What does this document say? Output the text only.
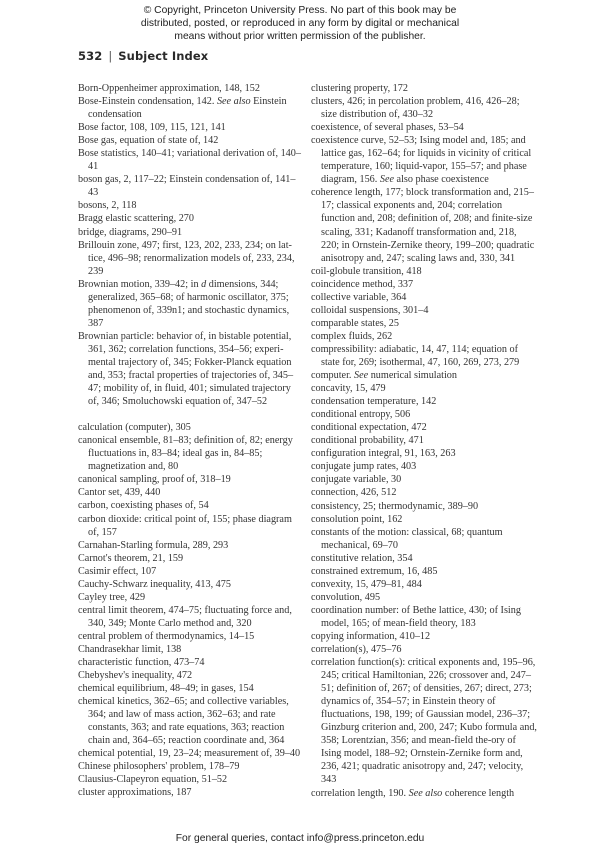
© Copyright, Princeton University Press. No part of this book may be
distributed, posted, or reproduced in any form by digital or mechanical
means without prior written permission of the publisher.
532 | Subject Index

Born-Oppenheimer approximation, 148, 152

Bose-Einstein condensation, 142. See also Einstein condensation

Bose factor, 108, 109, 115, 121, 141

Bose gas, equation of state of, 142

Bose statistics, 140–41; variational derivation of, 140–41

boson gas, 2, 117–22; Einstein condensation of, 141–43

bosons, 2, 118

Bragg elastic scattering, 270

bridge, diagrams, 290–91

Brillouin zone, 497; first, 123, 202, 233, 234; on lat-tice, 496–98; renormalization models of, 233, 234, 239

Brownian motion, 339–42; in d dimensions, 344; generalized, 365–68; of harmonic oscillator, 375; phenomenon of, 339n1; and stochastic dynamics, 387

Brownian particle: behavior of, in bistable potential, 361, 362; correlation functions, 354–56; experi-mental trajectory of, 345; Fokker-Planck equation and, 353; fractal properties of trajectories of, 345–47; mobility of, in fluid, 401; simulated trajectory of, 346; Smoluchowski equation of, 347–52

calculation (computer), 305

canonical ensemble, 81–83; definition of, 82; energy fluctuations in, 83–84; ideal gas in, 84–85; magnetization and, 80

canonical sampling, proof of, 318–19

Cantor set, 439, 440

carbon, coexisting phases of, 54

carbon dioxide: critical point of, 155; phase diagram of, 157

Carnahan-Starling formula, 289, 293

Carnot's theorem, 21, 159

Casimir effect, 107

Cauchy-Schwarz inequality, 413, 475

Cayley tree, 429

central limit theorem, 474–75; fluctuating force and, 340, 349; Monte Carlo method and, 320

central problem of thermodynamics, 14–15

Chandrasekhar limit, 138

characteristic function, 473–74

Chebyshev's inequality, 472

chemical equilibrium, 48–49; in gases, 154

chemical kinetics, 362–65; and collective variables, 364; and law of mass action, 362–63; and rate constants, 363; and rate equations, 363; reaction chain and, 364–65; reaction coordinate and, 364

chemical potential, 19, 23–24; measurement of, 39–40

Chinese philosophers' problem, 178–79

Clausius-Clapeyron equation, 51–52

cluster approximations, 187

clustering property, 172

clusters, 426; in percolation problem, 416, 426–28; size distribution of, 430–32

coexistence, of several phases, 53–54

coexistence curve, 52–53; Ising model and, 185; and lattice gas, 162–64; for liquids in vicinity of critical temperature, 160; liquid-vapor, 155–57; and phase diagram, 156. See also phase coexistence

coherence length, 177; block transformation and, 215–17; classical exponents and, 204; correlation function and, 208; definition of, 208; and finite-size scaling, 331; Kadanoff transformation and, 218, 220; in Ornstein-Zernike theory, 199–200; quadratic anisotropy and, 247; scaling laws and, 330, 341

coil-globule transition, 418

coincidence method, 337

collective variable, 364

colloidal suspensions, 301–4

comparable states, 25

complex fluids, 262

compressibility: adiabatic, 14, 47, 114; equation of state for, 269; isothermal, 47, 160, 269, 273, 279

computer. See numerical simulation

concavity, 15, 479

condensation temperature, 142

conditional entropy, 506

conditional expectation, 472

conditional probability, 471

configuration integral, 91, 163, 263

conjugate jump rates, 403

conjugate variable, 30

connection, 426, 512

consistency, 25; thermodynamic, 389–90

consolution point, 162

constants of the motion: classical, 68; quantum mechanical, 69–70

constitutive relation, 354

constrained extremum, 16, 485

convexity, 15, 479–81, 484

convolution, 495

coordination number: of Bethe lattice, 430; of Ising model, 165; of mean-field theory, 183

copying information, 410–12

correlation(s), 475–76

correlation function(s): critical exponents and, 195–96, 245; critical Hamiltonian, 226; crossover and, 247–51; definition of, 267; of densities, 267; direct, 273; dynamics of, 354–57; in Einstein theory of fluctuations, 198, 199; of Gaussian model, 236–37; Ginzburg criterion and, 200, 247; Kubo formula and, 358; Lorentzian, 356; and mean-field the-ory of Ising model, 188–92; Ornstein-Zernike form and, 236, 421; quadratic anisotropy and, 247; velocity, 343

correlation length, 190. See also coherence length

For general queries, contact info@press.princeton.edu
